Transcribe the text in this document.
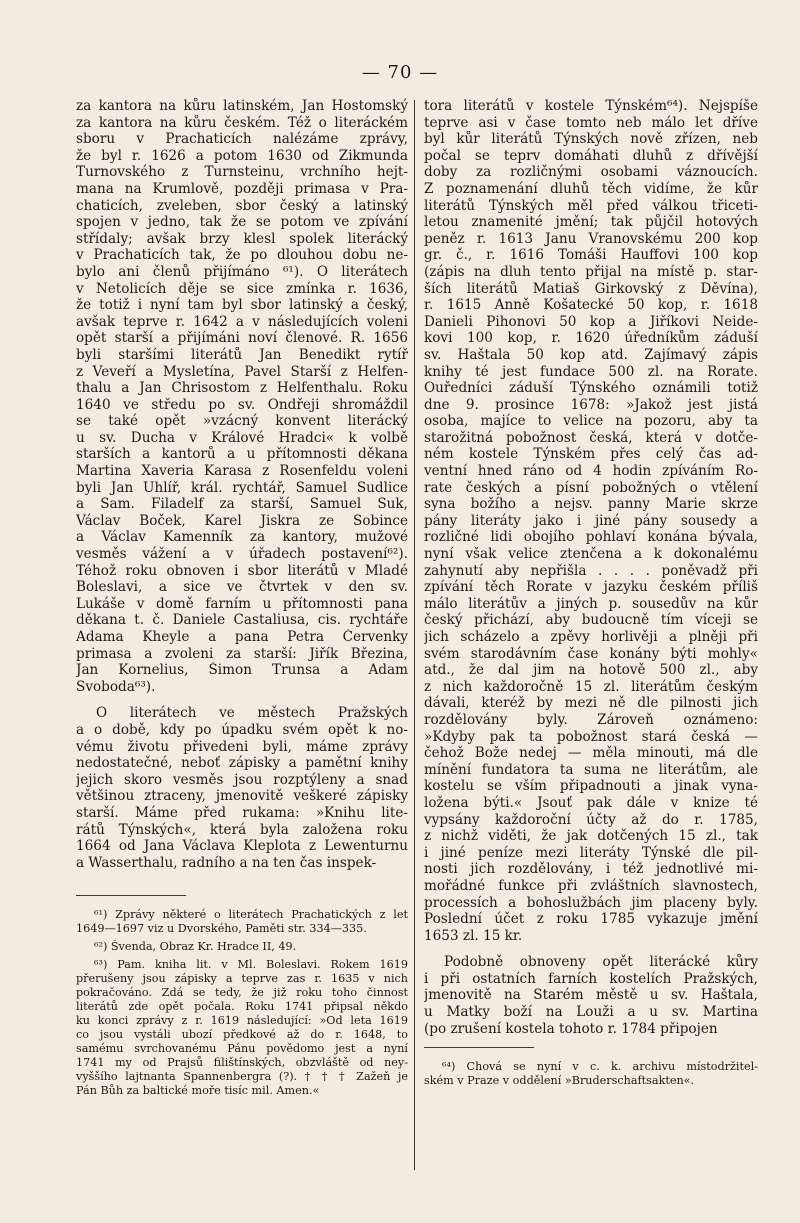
— 70 —
za kantora na kůru latinském, Jan Hostomský
za kantora na kůru českém. Též o literáckém
sboru v Prachaticích nalézáme zprávy,
že byl r. 1626 a potom 1630 od Zikmunda
Turnovského z Turnsteinu, vrchního hejt-
mana na Krumlově, později primasa v Pra-
chaticích, zveleben, sbor český a latinský
spojen v jedno, tak že se potom ve zpívání
střídaly; avšak brzy klesl spolek literácký
v Prachaticích tak, že po dlouhou dobu ne-
bylo ani členů přijímáno ⁶¹). O literátech
v Netolicích děje se sice zmínka r. 1636,
že totiž i nyní tam byl sbor latinský a český,
avšak teprve r. 1642 a v následujících voleni
opět starší a přijímáni noví členové. R. 1656
byli staršími literátů Jan Benedikt rytíř
z Veveří a Mysletína, Pavel Starší z Helfen-
thalu a Jan Chrisostom z Helfenthalu. Roku
1640 ve středu po sv. Ondřeji shromáždil
se také opět »vzácný konvent literácký
u sv. Ducha v Králové Hradci« k volbě
starších a kantorů a u přítomnosti děkana
Martina Xaveria Karasa z Rosenfeldu voleni
byli Jan Uhlíř, král. rychtář, Samuel Sudlice
a Sam. Filadelf za starší, Samuel Suk,
Václav Boček, Karel Jiskra ze Sobince
a Václav Kamenník za kantory, mužové
vesměs vážení a v úřadech postavení⁶²).
Téhož roku obnoven i sbor literátů v Mladé
Boleslavi, a sice ve čtvrtek v den sv.
Lukáše v domě farním u přítomnosti pana
děkana t. č. Daniele Castaliusa, cis. rychtáře
Adama Kheyle a pana Petra Červenky
primasa a zvoleni za starší: Jiřík Březina,
Jan Kornelius, Šimon Trunsa a Adam
Svoboda⁶³).
O literátech ve městech Pražských
a o době, kdy po úpadku svém opět k no-
vému životu přivedeni byli, máme zprávy
nedostatečné, neboť zápisky a pamětní knihy
jejich skoro vesměs jsou rozptýleny a snad
většinou ztraceny, jmenovitě veškeré zápisky
starší. Máme před rukama: »Knihu lite-
rátů Týnských«, která byla založena roku
1664 od Jana Václava Kleplota z Lewenturnu
a Wasserthalu, radního a na ten čas inspek-
⁶¹) Zprávy některé o literátech Prachatických z let
1649—1697 viz u Dvorského, Paměti str. 334—335.
⁶²) Švenda, Obraz Kr. Hradce II, 49.
⁶³) Pam. kniha lit. v Ml. Boleslavi. Rokem 1619
přerušeny jsou zápisky a teprve zas r. 1635 v nich
pokračováno. Zdá se tedy, že již roku toho činnost
literátů zde opět počala. Roku 1741 připsal někdo
ku konci zprávy z r. 1619 následující: »Od leta 1619
co jsou vystáli ubozí předkové až do r. 1648, to
samému svrchovanému Pánu povědomo jest a nyní
1741 my od Prajsů filištínských, obzvláště od ney-
vyššího lajtnanta Spannenbergra (?). † † † Zažeň je
Pán Bůh za baltické moře tisíc mil. Amen.«
tora literátů v kostele Týnském⁶⁴). Nejspíše
teprve asi v čase tomto neb málo let dříve
byl kůr literátů Týnských nově zřízen, neb
počal se teprv domáhati dluhů z dřívější
doby za rozličnými osobami váznoucích.
Z poznamenání dluhů těch vidíme, že kůr
literátů Týnských měl před válkou třiceti-
letou znamenité jmění; tak půjčil hotových
peněz r. 1613 Janu Vranovskému 200 kop
gr. č., r. 1616 Tomáši Hauffovi 100 kop
(zápis na dluh tento přijal na místě p. star-
ších literátů Matiaš Girkovský z Děvína),
r. 1615 Anně Košatecké 50 kop, r. 1618
Danieli Pihonovi 50 kop a Jiříkovi Neide-
kovi 100 kop, r. 1620 úředníkům záduší
sv. Haštala 50 kop atd. Zajímavý zápis
knihy té jest fundace 500 zl. na Rorate.
Ouředníci záduší Týnského oznámili totiž
dne 9. prosince 1678: »Jakož jest jistá
osoba, majíce to velice na pozoru, aby ta
starožitná pobožnost česká, která v dotče-
ném kostele Týnském přes celý čas ad-
ventní hned ráno od 4 hodin zpíváním Ro-
rate českých a písní pobožných o vtělení
syna božího a nejsv. panny Marie skrze
pány literáty jako i jiné pány sousedy a
rozličné lidi obojího pohlaví konána bývala,
nyní však velice ztenčena a k dokonalému
zahynutí aby nepřišla . . . . poněvadž při
zpívání těch Rorate v jazyku českém příliš
málo literátův a jiných p. sousedův na kůr
český přichází, aby budoucně tím víceji se
jich scházelo a zpěvy horlivěji a plněji při
svém starodávním čase konány býti mohly«
atd., že dal jim na hotově 500 zl., aby
z nich každoročně 15 zl. literátům českým
dávali, kteréž by mezi ně dle pilnosti jich
rozdělovány byly. Zároveň oznámeno:
»Kdyby pak ta pobožnost stará česká —
čehož Bože nedej — měla minouti, má dle
mínění fundatora ta suma ne literátům, ale
kostelu se vším připadnouti a jinak vyna-
ložena býti.« Jsouť pak dále v knize té
vypsány každoroční účty až do r. 1785,
z nichž viděti, že jak dotčených 15 zl., tak
i jiné peníze mezi literáty Týnské dle pil-
nosti jich rozdělovány, i též jednotlivé mi-
mořádné funkce při zvláštních slavnostech,
processích a bohoslužbách jim placeny byly.
Poslední účet z roku 1785 vykazuje jmění
1653 zl. 15 kr.
Podobně obnoveny opět literácké kůry
i při ostatních farních kostelích Pražských,
jmenovitě na Starém městě u sv. Haštala,
u Matky boží na Louži a u sv. Martina
(po zrušení kostela tohoto r. 1784 připojen
⁶⁴) Chová se nyní v c. k. archivu místodržitel-
ském v Praze v oddělení »Bruderschaftsakten«.
